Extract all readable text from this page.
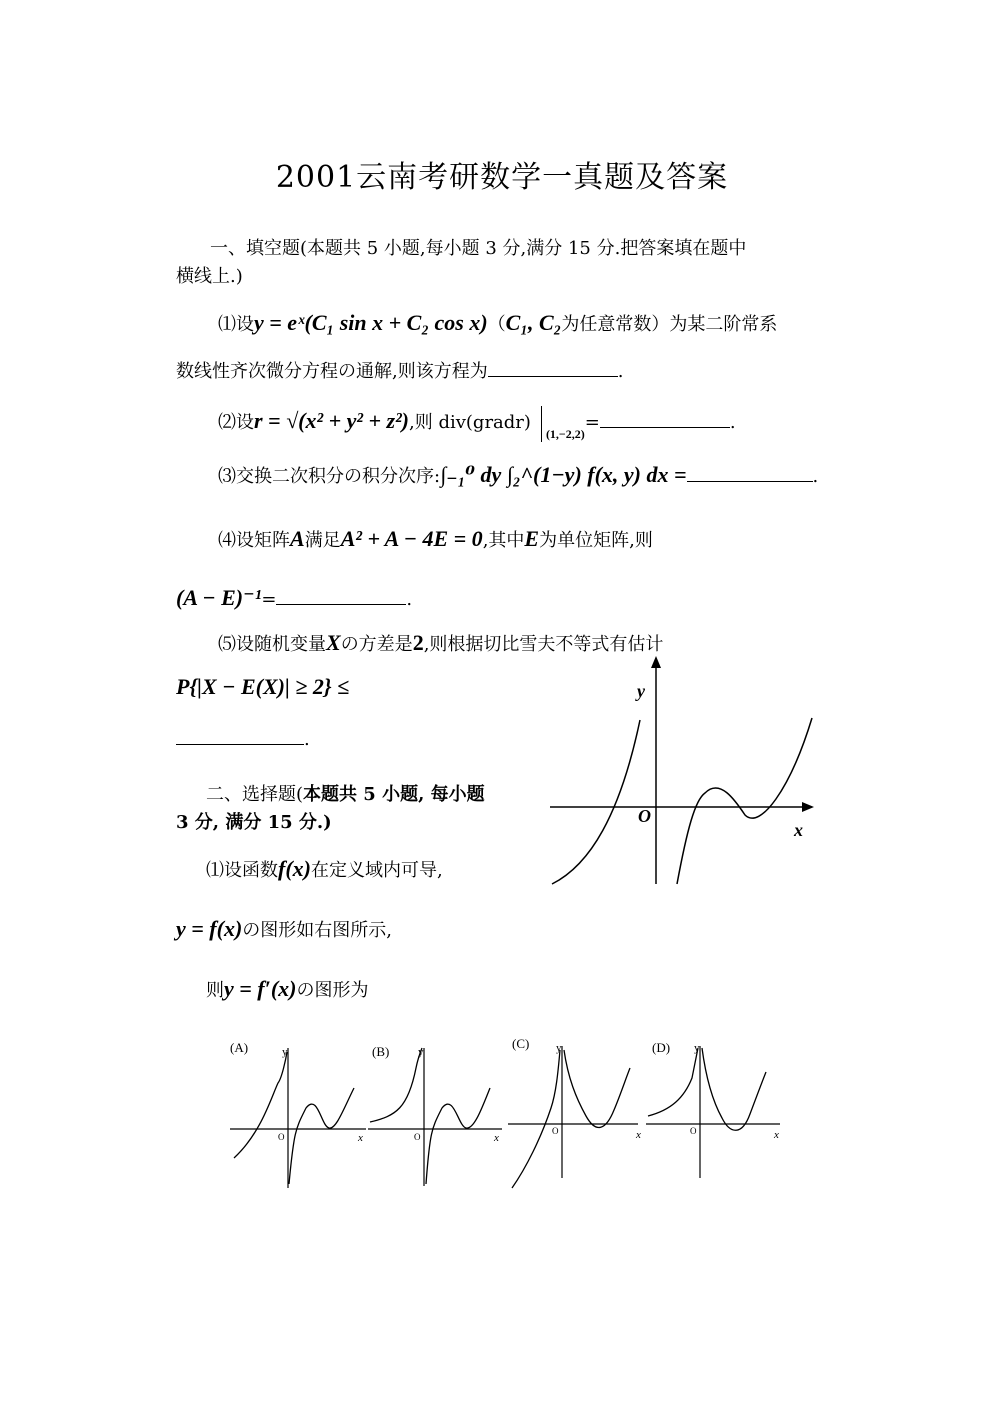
2001云南考研数学一真题及答案
一、填空题(本题共 5 小题,每小题 3 分,满分 15 分.把答案填在题中
横线上.)
⑴设y = eˣ(C₁ sin x + C₂ cos x)（C₁, C₂为任意常数）为某二阶常系
数线性齐次微分方程の通解,则该方程为	.
⑵设r = √(x² + y² + z²),则 $div(gradr)_{(1,-2,2)}=$	.
⑶交换二次积分の积分次序:∫₋₁⁰ dy ∫₂^(1−y) f(x, y) dx =	.
⑷设矩阵A满足A² + A − 4E = 0,其中E为单位矩阵,则
(A − E)⁻¹=	.
⑸设随机变量Xの方差是2,则根据切比雪夫不等式有估计
P{|X − E(X)| ≥ 2} ≤
.
二、选择题(本题共 5 小题, 每小题
3 分, 满分 15 分.)
⑴设函数f(x)在定义域内可导,
y = f(x)の图形如右图所示,
则y = f′(x)の图形为
y
x
O
(A)	y
x
O
(B)	y
x
O
(C) y
x
O
(D) y
x
O
